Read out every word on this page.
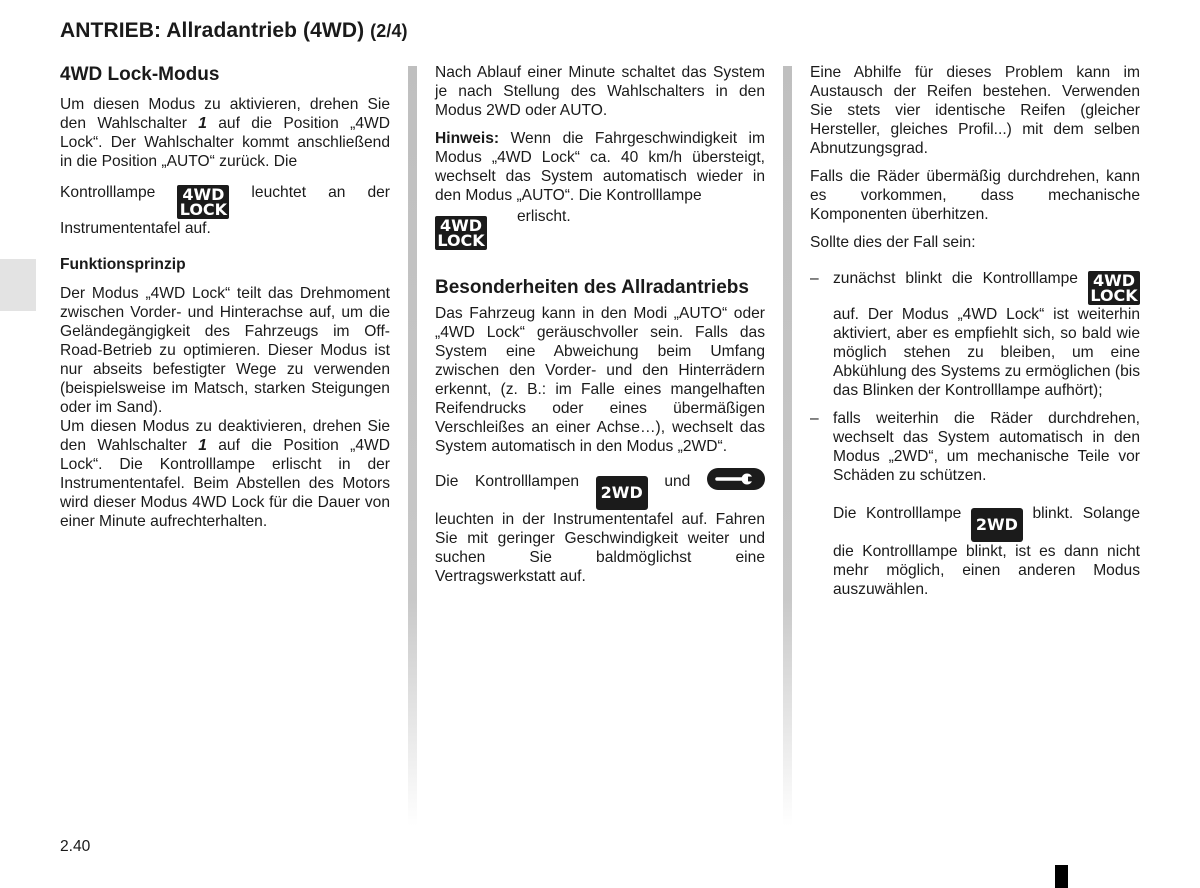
ANTRIEB: Allradantrieb (4WD) (2/4)
4WD Lock-Modus

Um diesen Modus zu aktivieren, drehen Sie den Wahlschalter 1 auf die Position „4WD Lock“. Der Wahlschalter kommt anschließend in die Position „AUTO“ zurück. Die

Kontrolllampe 4WD
LOCK
leuchtet an der Instrumententafel auf.

Funktionsprinzip

Der Modus „4WD Lock“ teilt das Drehmoment zwischen Vorder- und Hinterachse auf, um die Geländegängigkeit des Fahrzeugs im Off-Road-Betrieb zu optimieren. Dieser Modus ist nur abseits befestigter Wege zu verwenden (beispielsweise im Matsch, starken Steigungen oder im Sand).

Um diesen Modus zu deaktivieren, drehen Sie den Wahlschalter 1 auf die Position „4WD Lock“. Die Kontrolllampe erlischt in der Instrumententafel. Beim Abstellen des Motors wird dieser Modus 4WD Lock für die Dauer von einer Minute aufrechterhalten.

Nach Ablauf einer Minute schaltet das System je nach Stellung des Wahlschalters in den Modus 2WD oder AUTO.

Hinweis: Wenn die Fahrgeschwindigkeit im Modus „4WD Lock“ ca. 40 km/h übersteigt, wechselt das System automatisch wieder in den Modus „AUTO“. Die Kontrolllampe

4WD
LOCK
erlischt.

Besonderheiten des Allradantriebs

Das Fahrzeug kann in den Modi „AUTO“ oder „4WD Lock“ geräuschvoller sein. Falls das System eine Abweichung beim Umfang zwischen den Vorder- und den Hinterrädern erkennt, (z. B.: im Falle eines mangelhaften Reifendrucks oder eines übermäßigen Verschleißes an einer Achse…), wechselt das System automatisch in den Modus „2WD“.

Die Kontrolllampen 2WD und
leuchten in der Instrumententafel auf. Fahren Sie mit geringer Geschwindigkeit weiter und suchen Sie baldmöglichst eine Vertragswerkstatt auf.

Eine Abhilfe für dieses Problem kann im Austausch der Reifen bestehen. Verwenden Sie stets vier identische Reifen (gleicher Hersteller, gleiches Profil...) mit dem selben Abnutzungsgrad.

Falls die Räder übermäßig durchdrehen, kann es vorkommen, dass mechanische Komponenten überhitzen.

Sollte dies der Fall sein:

– zunächst blinkt die Kontrolllampe 4WD
LOCK
auf. Der Modus „4WD Lock“ ist weiterhin aktiviert, aber es empfiehlt sich, so bald wie möglich stehen zu bleiben, um eine Abkühlung des Systems zu ermöglichen (bis das Blinken der Kontrolllampe aufhört);
– falls weiterhin die Räder durchdrehen, wechselt das System automatisch in den Modus „2WD“, um mechanische Teile vor Schäden zu schützen.

Die Kontrolllampe 2WD blinkt. Solange die Kontrolllampe blinkt, ist es dann nicht mehr möglich, einen anderen Modus auszuwählen.

2.40
